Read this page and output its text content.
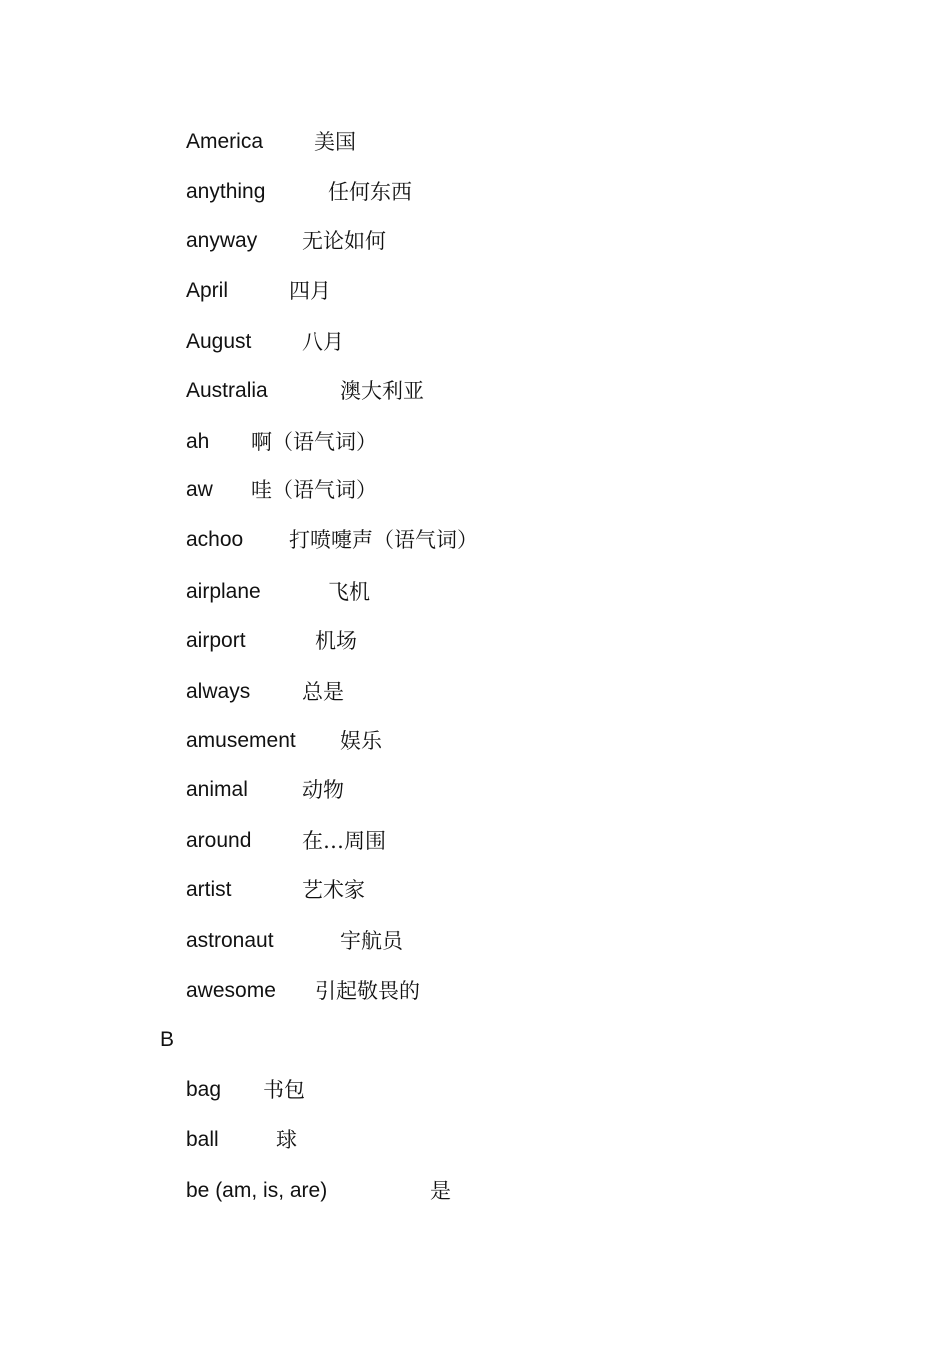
America 美国
anything	任何东西
anyway 无论如何
April	四月
August 八月
Australia	澳大利亚
ah 啊（语气词）
aw 哇（语气词）
achoo 打喷嚏声（语气词）
airplane	飞机
airport	机场
always 总是
amusement 娱乐
animal	动物
around 在…周围
artist	艺术家
astronaut	宇航员
awesome 引起敬畏的
B
bag 书包
ball	球
be (am, is, are)	是
